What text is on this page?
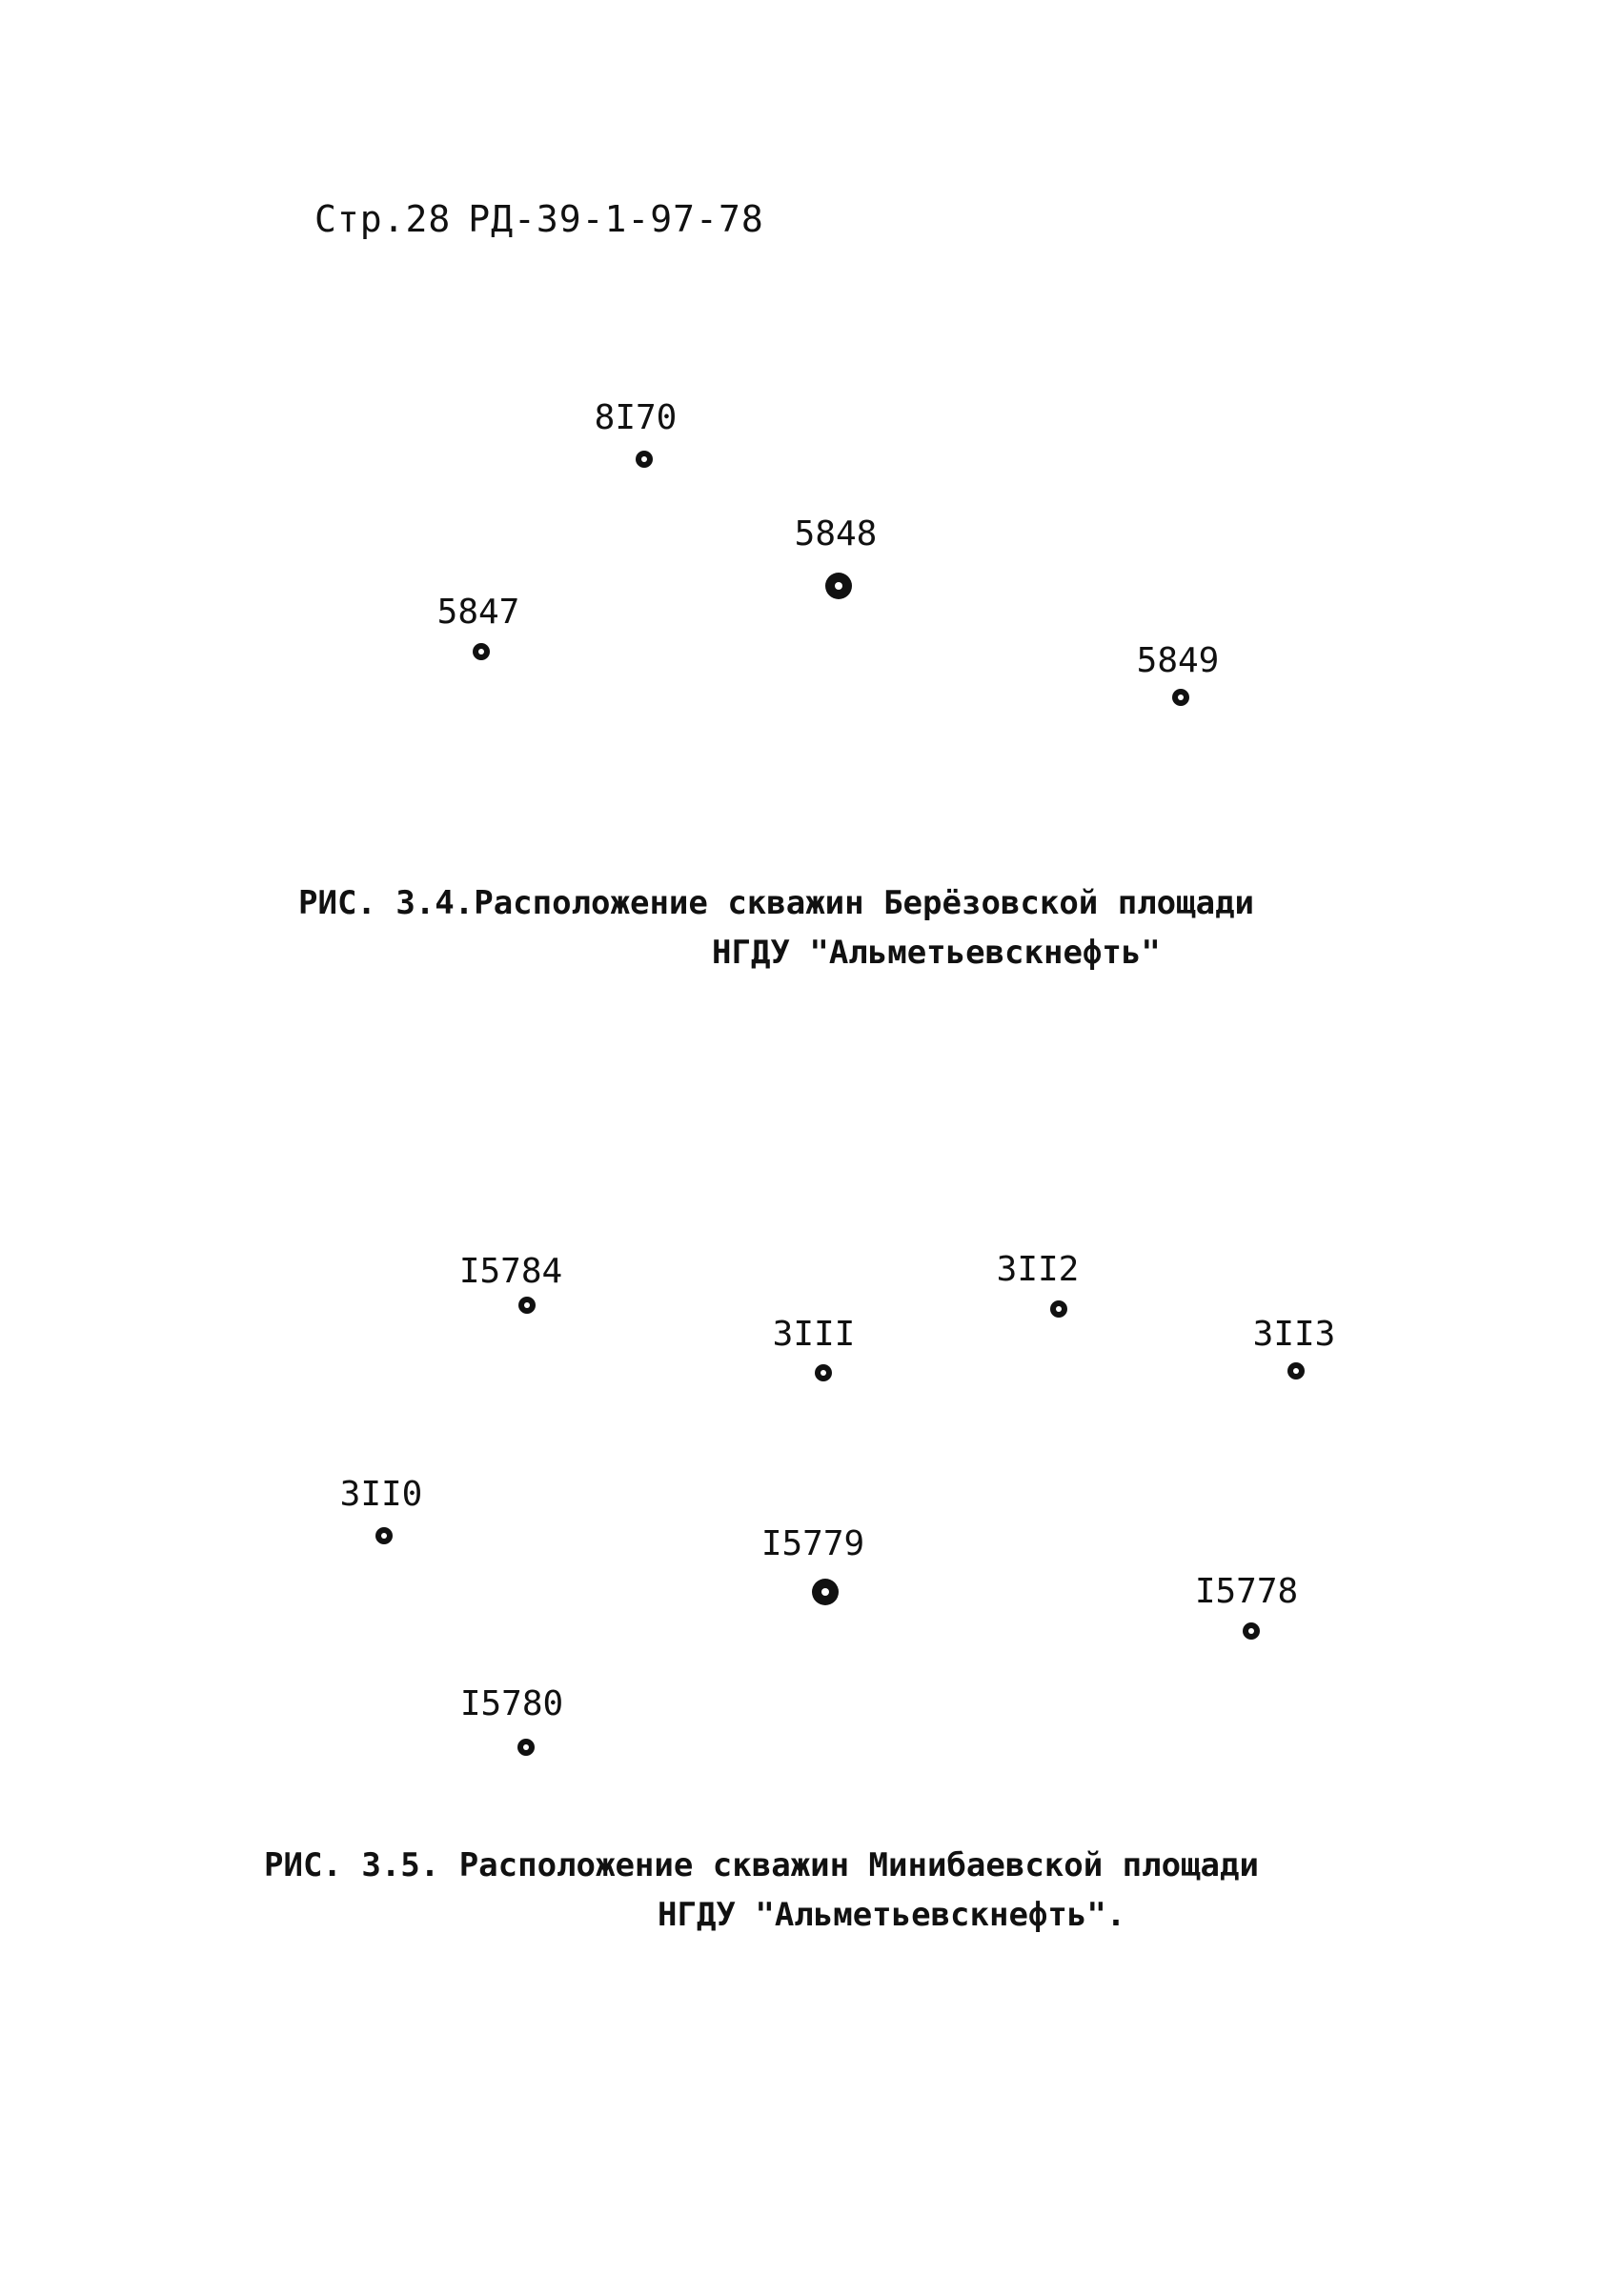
Стр.28 РД-39-1-97-78
8I70
5848
5847
5849
РИС. 3.4.Расположение скважин Берёзовской площади
НГДУ "Альметьевскнефть"
I5784	3II2
3III	3II3
3II0
I5779
I5778
I5780
РИС. 3.5. Расположение скважин Минибаевской площади
НГДУ "Альметьевскнефть".
